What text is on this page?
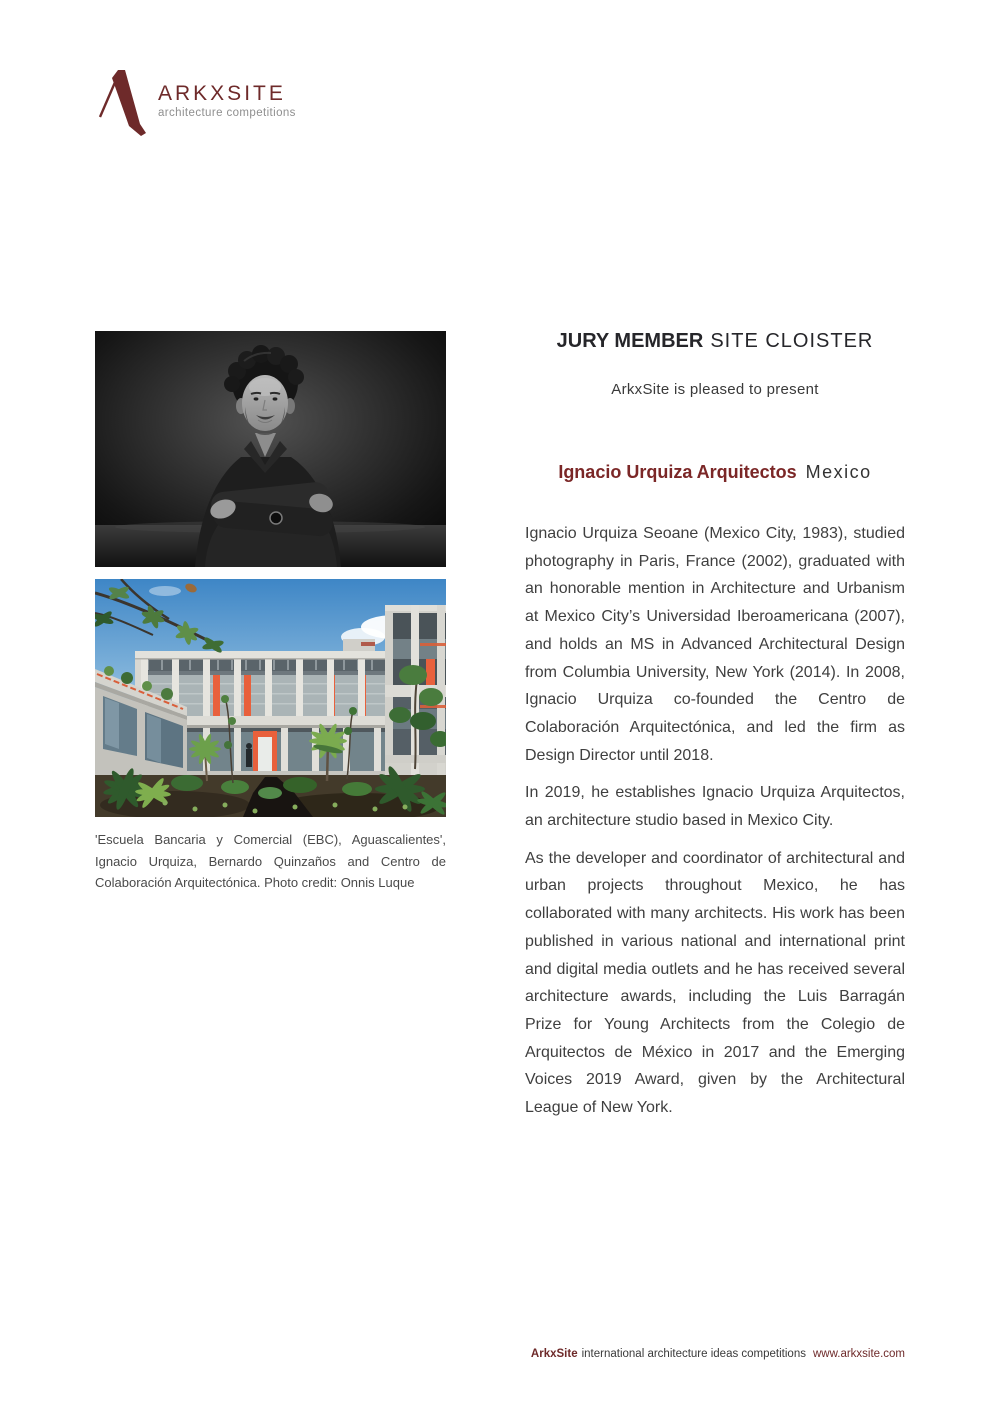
ARKXSITE
architecture competitions

'Escuela Bancaria y Comercial (EBC), Aguascalientes', Ignacio Urquiza, Bernardo Quinzaños and Centro de Colaboración Arquitectónica. Photo credit: Onnis Luque

JURY MEMBER SITE CLOISTER

ArkxSite is pleased to present

Ignacio Urquiza Arquitectos Mexico

Ignacio Urquiza Seoane (Mexico City, 1983), studied photography in Paris, France (2002), graduated with an honorable mention in Architecture and Urbanism at Mexico City’s Universidad Iberoamericana (2007), and holds an MS in Advanced Architectural Design from Columbia University, New York (2014). In 2008, Ignacio Urquiza co-founded the Centro de Colaboración Arquitectónica, and led the firm as Design Director until 2018.

In 2019, he establishes Ignacio Urquiza Arquitectos, an architecture studio based in Mexico City.

As the developer and coordinator of architectural and urban projects throughout Mexico, he has collaborated with many architects. His work has been published in various national and international print and digital media outlets and he has received several architecture awards, including the Luis Barragán Prize for Young Architects from the Colegio de Arquitectos de México in 2017 and the Emerging Voices 2019 Award, given by the Architectural League of New York.

ArkxSite international architecture ideas competitions www.arkxsite.com
